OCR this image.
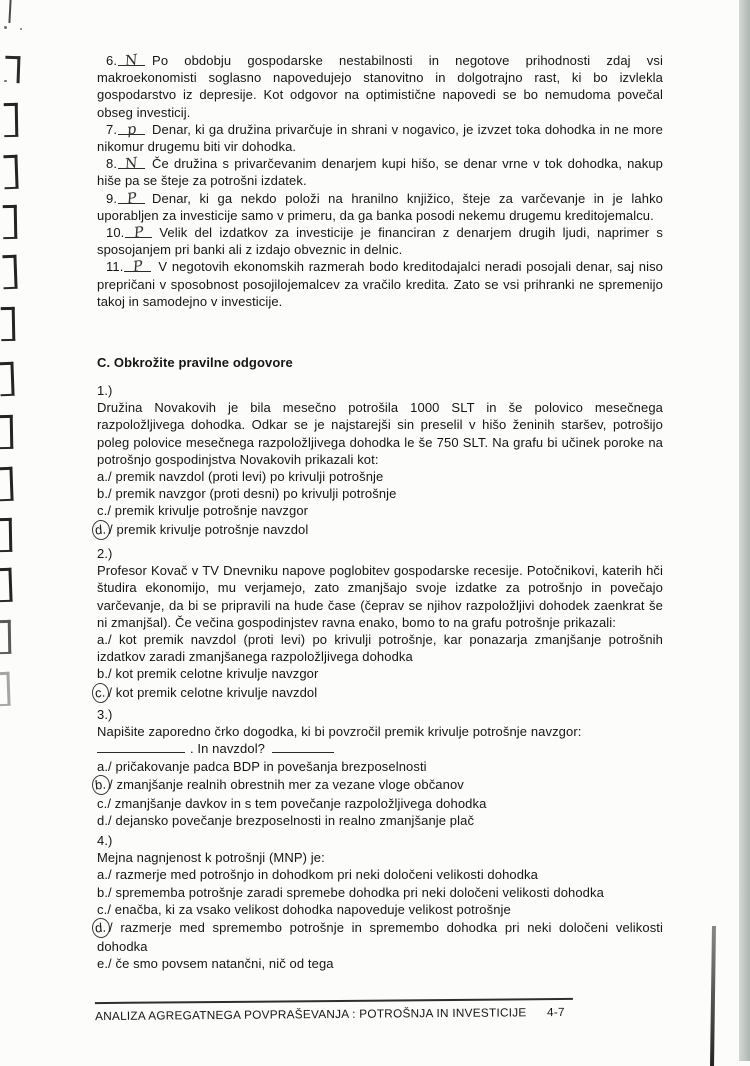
6. N Po obdobju gospodarske nestabilnosti in negotove prihodnosti zdaj vsi makroekonomisti soglasno napovedujejo stanovitno in dolgotrajno rast, ki bo izvlekla gospodarstvo iz depresije. Kot odgovor na optimistične napovedi se bo nemudoma povečal obseg investicij.

7. p Denar, ki ga družina privarčuje in shrani v nogavico, je izvzet toka dohodka in ne more nikomur drugemu biti vir dohodka.

8. N Če družina s privarčevanim denarjem kupi hišo, se denar vrne v tok dohodka, nakup hiše pa se šteje za potrošni izdatek.

9. P Denar, ki ga nekdo položi na hranilno knjižico, šteje za varčevanje in je lahko uporabljen za investicije samo v primeru, da ga banka posodi nekemu drugemu kreditojemalcu.

10. P Velik del izdatkov za investicije je financiran z denarjem drugih ljudi, naprimer s sposojanjem pri banki ali z izdajo obveznic in delnic.

11. P V negotovih ekonomskih razmerah bodo kreditodajalci neradi posojali denar, saj niso prepričani v sposobnost posojilojemalcev za vračilo kredita. Zato se vsi prihranki ne spremenijo takoj in samodejno v investicije.

C. Obkrožite pravilne odgovore
1.)

Družina Novakovih je bila mesečno potrošila 1000 SLT in še polovico mesečnega razpoložljivega dohodka. Odkar se je najstarejši sin preselil v hišo ženinih staršev, potrošijo poleg polovice mesečnega razpoložljivega dohodka le še 750 SLT. Na grafu bi učinek poroke na potrošnjo gospodinjstva Novakovih prikazali kot:

a./ premik navzdol (proti levi) po krivulji potrošnje

b./ premik navzgor (proti desni) po krivulji potrošnje

c./ premik krivulje potrošnje navzgor

d. / premik krivulje potrošnje navzdol

2.)

Profesor Kovač v TV Dnevniku napove poglobitev gospodarske recesije. Potočnikovi, katerih hči študira ekonomijo, mu verjamejo, zato zmanjšajo svoje izdatke za potrošnjo in povečajo varčevanje, da bi se pripravili na hude čase (čeprav se njihov razpoložljivi dohodek zaenkrat še ni zmanjšal). Če večina gospodinjstev ravna enako, bomo to na grafu potrošnje prikazali:

a./ kot premik navzdol (proti levi) po krivulji potrošnje, kar ponazarja zmanjšanje potrošnih izdatkov zaradi zmanjšanega razpoložljivega dohodka

b./ kot premik celotne krivulje navzgor

c. / kot premik celotne krivulje navzdol

3.)

Napišite zaporedno črko dogodka, ki bi povzročil premik krivulje potrošnje navzgor:
. In navzdol?

a./ pričakovanje padca BDP in povešanja brezposelnosti

b. / zmanjšanje realnih obrestnih mer za vezane vloge občanov

c./ zmanjšanje davkov in s tem povečanje razpoložljivega dohodka

d./ dejansko povečanje brezposelnosti in realno zmanjšanje plač

4.)

Mejna nagnjenost k potrošnji (MNP) je:

a./ razmerje med potrošnjo in dohodkom pri neki določeni velikosti dohodka

b./ sprememba potrošnje zaradi spremebe dohodka pri neki določeni velikosti dohodka

c./ enačba, ki za vsako velikost dohodka napoveduje velikost potrošnje

d. / razmerje med spremembo potrošnje in spremembo dohodka pri neki določeni velikosti dohodka

e./ če smo povsem natančni, nič od tega

ANALIZA AGREGATNEGA POVPRAŠEVANJA : POTROŠNJA IN INVESTICIJE 4-7
